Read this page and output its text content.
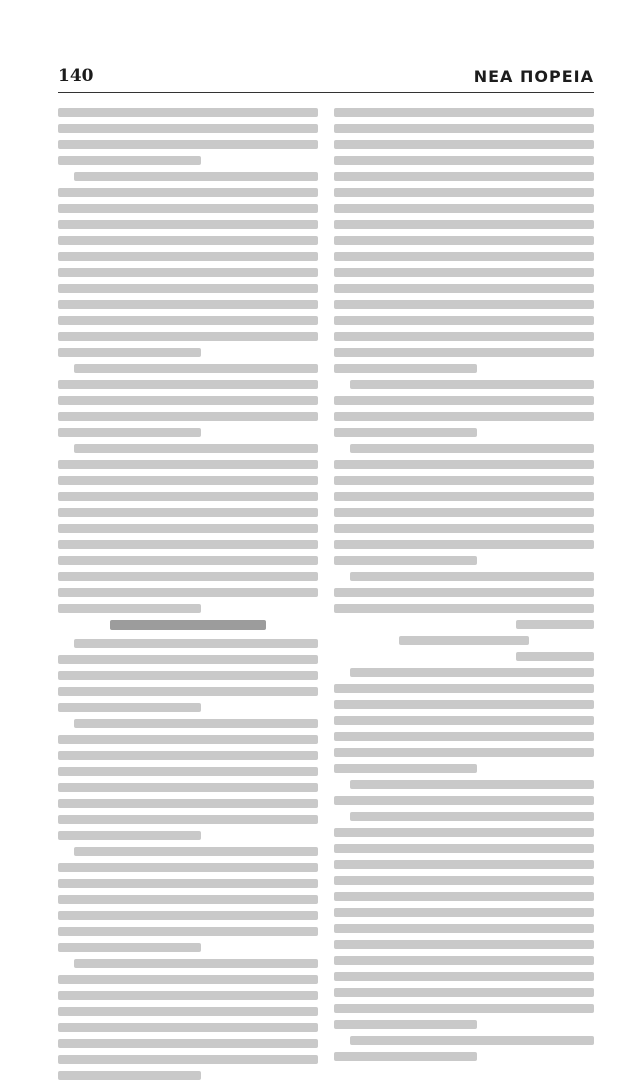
140	ΝΕΑ ΠΟΡΕΙΑ
